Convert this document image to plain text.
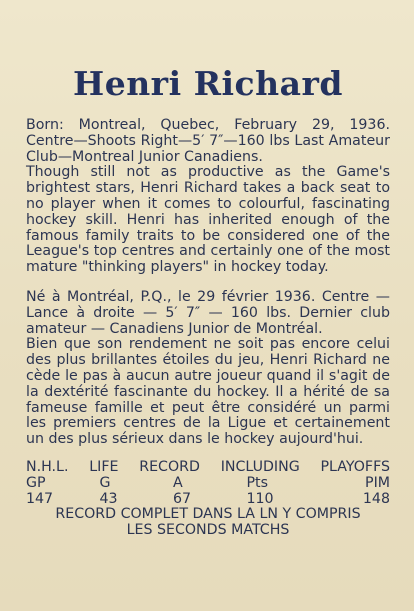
Henri Richard

Born: Montreal, Quebec, February 29, 1936. Centre—Shoots Right—5′ 7″—160 lbs Last Amateur Club—Montreal Junior Canadiens.

Though still not as productive as the Game's brightest stars, Henri Richard takes a back seat to no player when it comes to colourful, fascinating hockey skill. Henri has inherited enough of the famous family traits to be considered one of the League's top centres and certainly one of the most mature "thinking players" in hockey today.

Né à Montréal, P.Q., le 29 février 1936. Centre — Lance à droite — 5′ 7″ — 160 lbs. Dernier club amateur — Canadiens Junior de Montréal.

Bien que son rendement ne soit pas encore celui des plus brillantes étoiles du jeu, Henri Richard ne cède le pas à aucun autre joueur quand il s'agit de la dextérité fascinante du hockey. Il a hérité de sa fameuse famille et peut être considéré un parmi les premiers centres de la Ligue et certainement un des plus sérieux dans le hockey aujourd'hui.

N.H.L. LIFE RECORD INCLUDING PLAYOFFS

GP	G	A	Pts	PIM
147	43	67	110	148

RECORD COMPLET DANS LA LN Y COMPRIS

LES SECONDS MATCHS
